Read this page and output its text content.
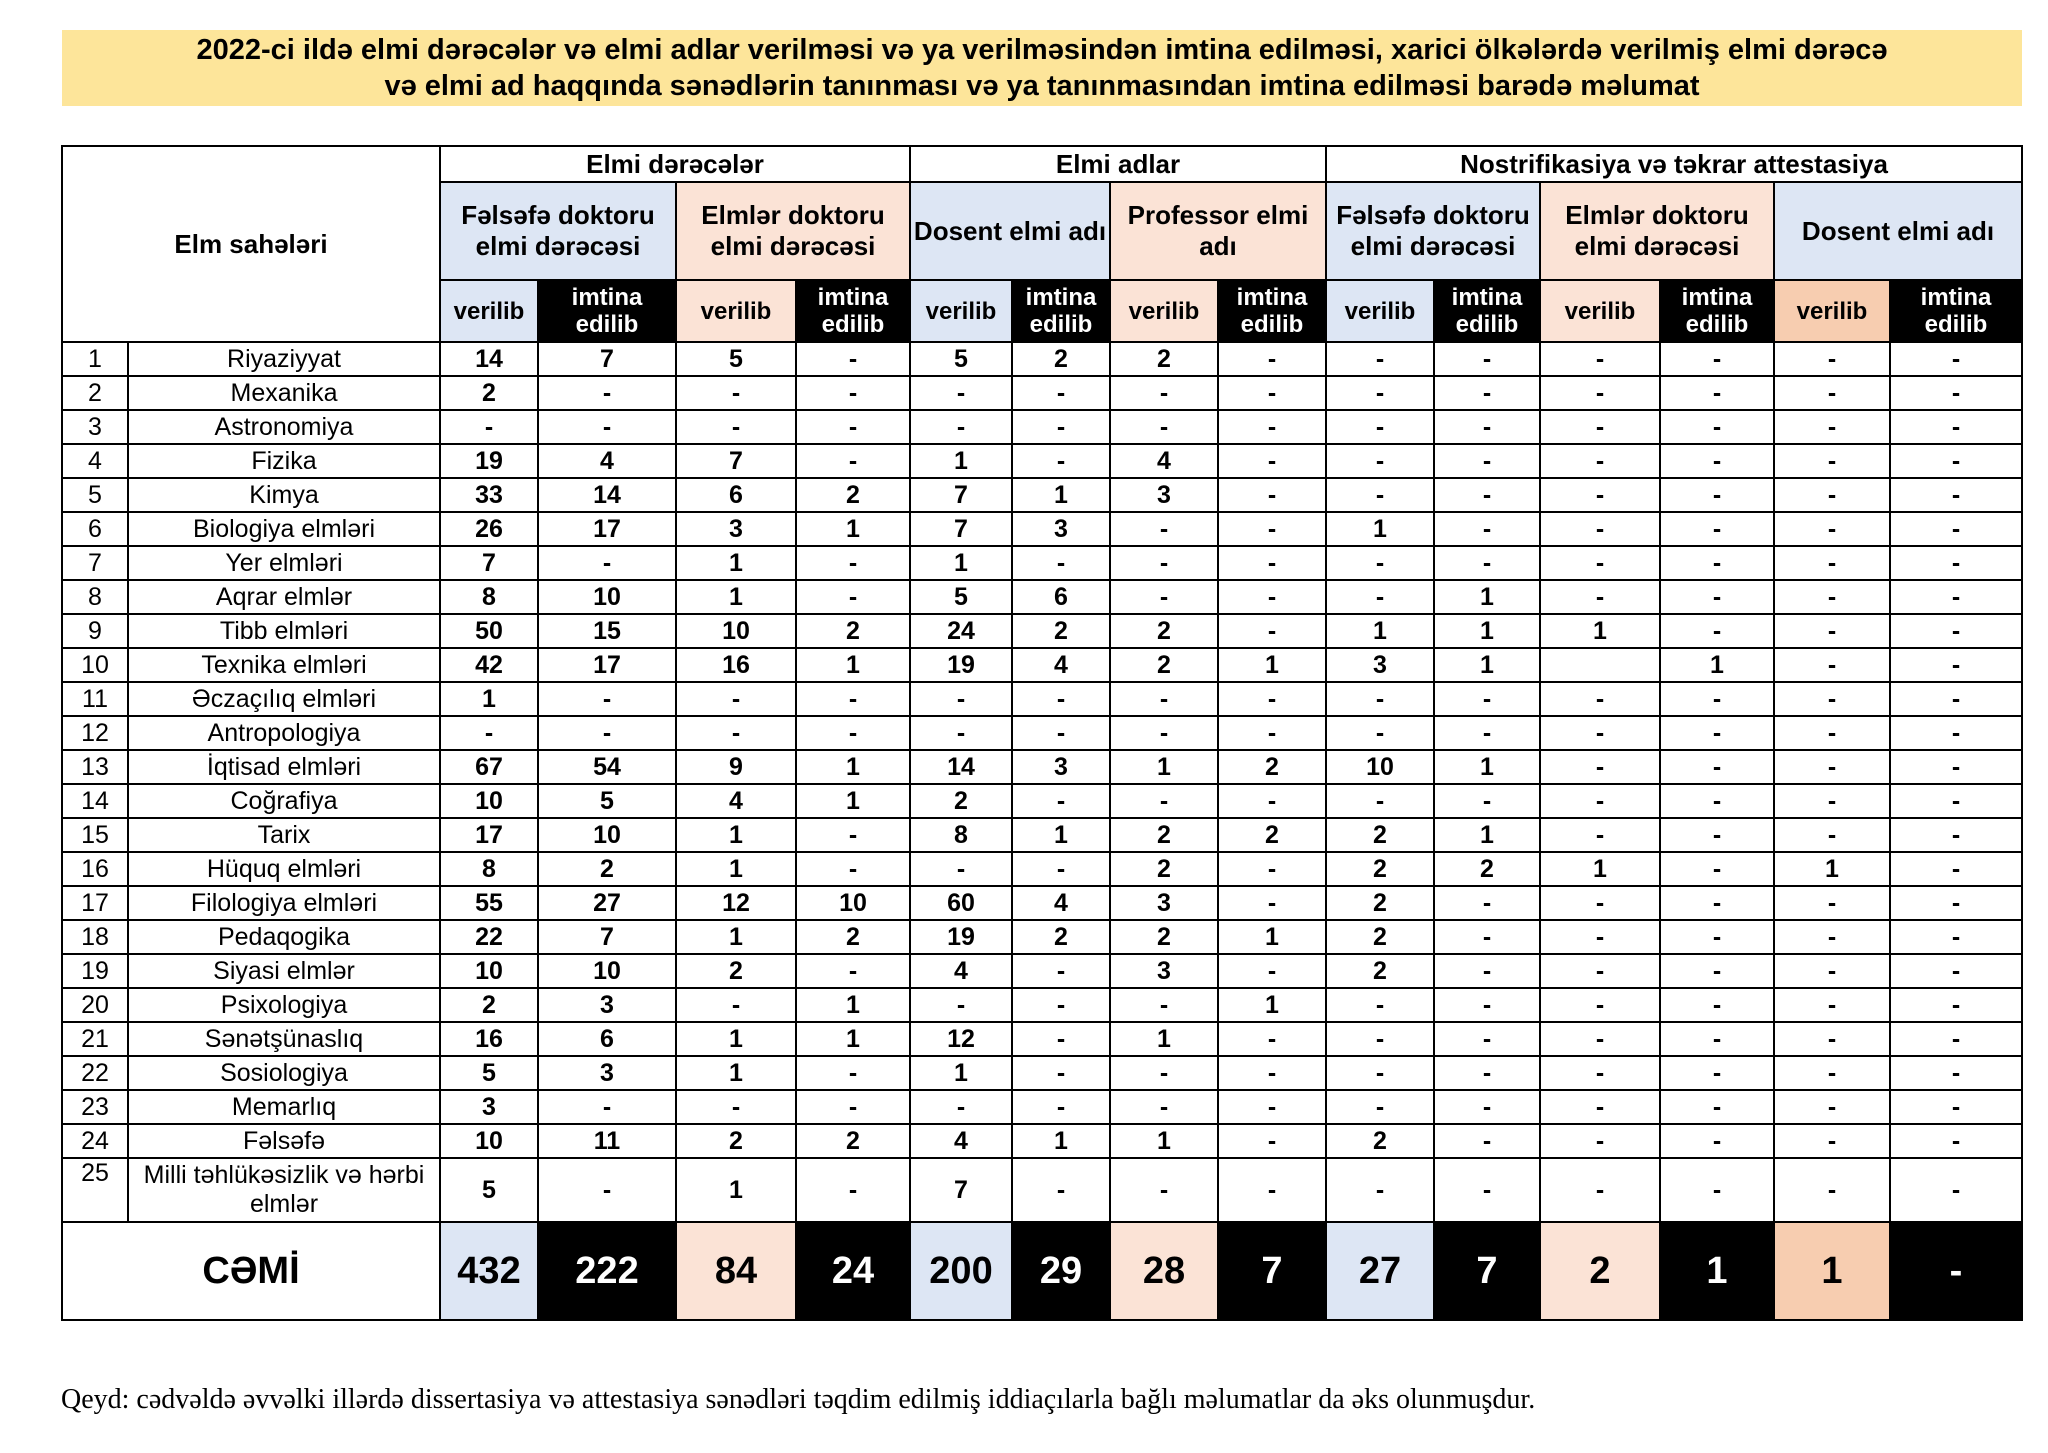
2022-ci ildə elmi dərəcələr və elmi adlar verilməsi və ya verilməsindən imtina edilməsi, xarici ölkələrdə verilmiş elmi dərəcə
və elmi ad haqqında sənədlərin tanınması və ya tanınmasından imtina edilməsi barədə məlumat
Elm sahələri		Elmi dərəcələr				Elmi adlar				Nostrifikasiya və təkrar attestasiya					
		Fəlsəfə doktoru elmi dərəcəsi		Elmlər doktoru elmi dərəcəsi		Dosent elmi adı		Professor elmi adı		Fəlsəfə doktoru elmi dərəcəsi		Elmlər doktoru elmi dərəcəsi		Dosent elmi adı	
		verilib	imtina edilib	verilib	imtina edilib	verilib	imtina edilib	verilib	imtina edilib	verilib	imtina edilib	verilib	imtina edilib	verilib	imtina edilib
1	Riyaziyyat	14	7	5	-	5	2	2	-	-	-	-	-	-	-
2	Mexanika	2	-	-	-	-	-	-	-	-	-	-	-	-	-
3	Astronomiya	-	-	-	-	-	-	-	-	-	-	-	-	-	-
4	Fizika	19	4	7	-	1	-	4	-	-	-	-	-	-	-
5	Kimya	33	14	6	2	7	1	3	-	-	-	-	-	-	-
6	Biologiya elmləri	26	17	3	1	7	3	-	-	1	-	-	-	-	-
7	Yer elmləri	7	-	1	-	1	-	-	-	-	-	-	-	-	-
8	Aqrar elmlər	8	10	1	-	5	6	-	-	-	1	-	-	-	-
9	Tibb elmləri	50	15	10	2	24	2	2	-	1	1	1	-	-	-
10	Texnika elmləri	42	17	16	1	19	4	2	1	3	1		1	-	-
11	Əczaçılıq elmləri	1	-	-	-	-	-	-	-	-	-	-	-	-	-
12	Antropologiya	-	-	-	-	-	-	-	-	-	-	-	-	-	-
13	İqtisad elmləri	67	54	9	1	14	3	1	2	10	1	-	-	-	-
14	Coğrafiya	10	5	4	1	2	-	-	-	-	-	-	-	-	-
15	Tarix	17	10	1	-	8	1	2	2	2	1	-	-	-	-
16	Hüquq elmləri	8	2	1	-	-	-	2	-	2	2	1	-	1	-
17	Filologiya elmləri	55	27	12	10	60	4	3	-	2	-	-	-	-	-
18	Pedaqogika	22	7	1	2	19	2	2	1	2	-	-	-	-	-
19	Siyasi elmlər	10	10	2	-	4	-	3	-	2	-	-	-	-	-
20	Psixologiya	2	3	-	1	-	-	-	1	-	-	-	-	-	-
21	Sənətşünaslıq	16	6	1	1	12	-	1	-	-	-	-	-	-	-
22	Sosiologiya	5	3	1	-	1	-	-	-	-	-	-	-	-	-
23	Memarlıq	3	-	-	-	-	-	-	-	-	-	-	-	-	-
24	Fəlsəfə	10	11	2	2	4	1	1	-	2	-	-	-	-	-
25	Milli təhlükəsizlik və hərbi elmlər	5	-	1	-	7	-	-	-	-	-	-	-	-	-
CƏMİ		432	222	84	24	200	29	28	7	27	7	2	1	1	-
Qeyd: cədvəldə əvvəlki illərdə dissertasiya və attestasiya sənədləri təqdim edilmiş iddiaçılarla bağlı məlumatlar da əks olunmuşdur.
